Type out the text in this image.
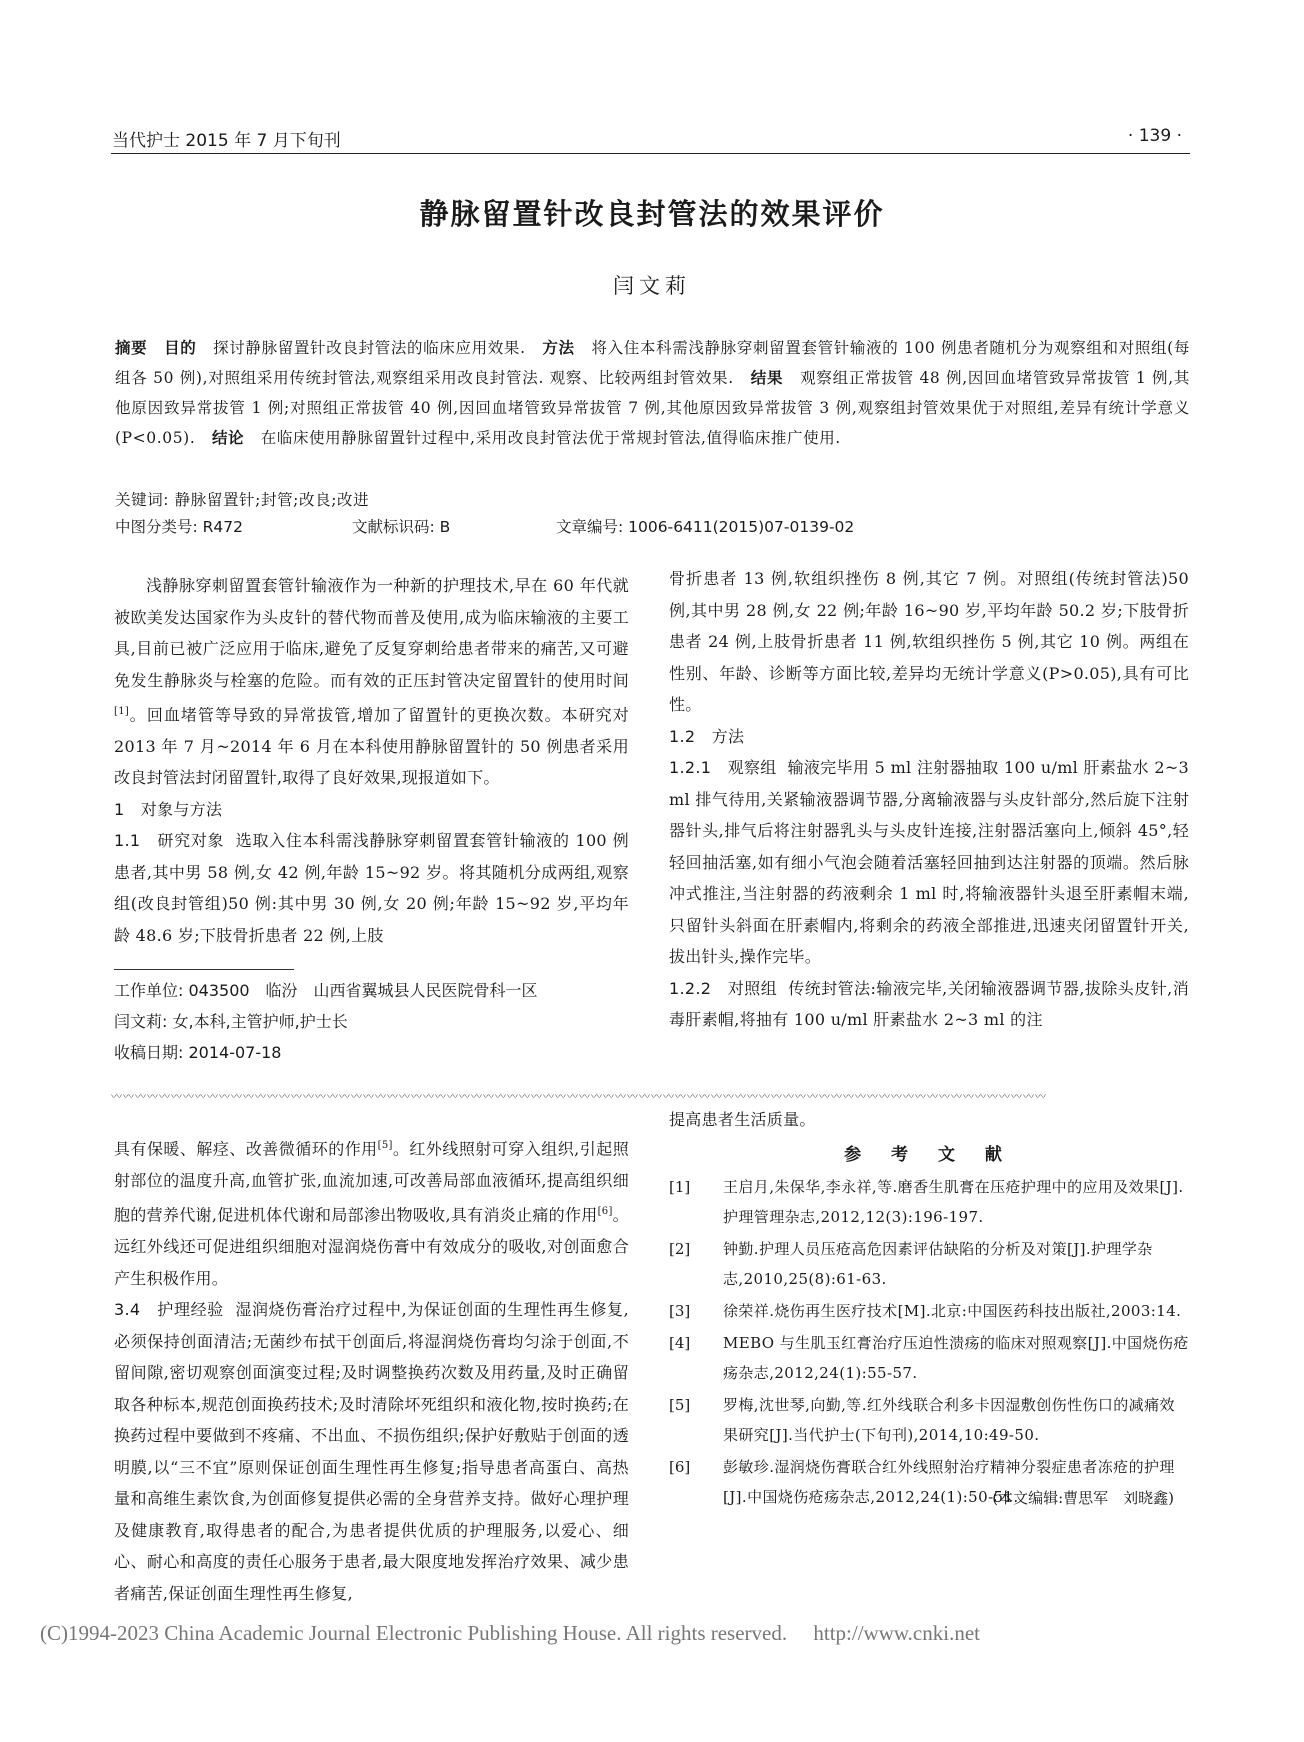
当代护士 2015 年 7 月下旬刊	· 139 ·
静脉留置针改良封管法的效果评价
闫文莉
摘要 目的 探讨静脉留置针改良封管法的临床应用效果. 方法 将入住本科需浅静脉穿刺留置套管针输液的 100 例患者随机分为观察组和对照组(每组各 50 例),对照组采用传统封管法,观察组采用改良封管法. 观察、比较两组封管效果. 结果 观察组正常拔管 48 例,因回血堵管致异常拔管 1 例,其他原因致异常拔管 1 例;对照组正常拔管 40 例,因回血堵管致异常拔管 7 例,其他原因致异常拔管 3 例,观察组封管效果优于对照组,差异有统计学意义(P<0.05). 结论 在临床使用静脉留置针过程中,采用改良封管法优于常规封管法,值得临床推广使用.
关键词: 静脉留置针;封管;改良;改进
中图分类号: R472	文献标识码: B	文章编号: 1006-6411(2015)07-0139-02

浅静脉穿刺留置套管针输液作为一种新的护理技术,早在 60 年代就被欧美发达国家作为头皮针的替代物而普及使用,成为临床输液的主要工具,目前已被广泛应用于临床,避免了反复穿刺给患者带来的痛苦,又可避免发生静脉炎与栓塞的危险。而有效的正压封管决定留置针的使用时间[1]。回血堵管等导致的异常拔管,增加了留置针的更换次数。本研究对 2013 年 7 月~2014 年 6 月在本科使用静脉留置针的 50 例患者采用改良封管法封闭留置针,取得了良好效果,现报道如下。

1　对象与方法

1.1　研究对象 选取入住本科需浅静脉穿刺留置套管针输液的 100 例患者,其中男 58 例,女 42 例,年龄 15~92 岁。将其随机分成两组,观察组(改良封管组)50 例:其中男 30 例,女 20 例;年龄 15~92 岁,平均年龄 48.6 岁;下肢骨折患者 22 例,上肢

工作单位: 043500　临汾　山西省翼城县人民医院骨科一区
闫文莉: 女,本科,主管护师,护士长
收稿日期: 2014-07-18

骨折患者 13 例,软组织挫伤 8 例,其它 7 例。对照组(传统封管法)50 例,其中男 28 例,女 22 例;年龄 16~90 岁,平均年龄 50.2 岁;下肢骨折患者 24 例,上肢骨折患者 11 例,软组织挫伤 5 例,其它 10 例。两组在性别、年龄、诊断等方面比较,差异均无统计学意义(P>0.05),具有可比性。

1.2　方法

1.2.1　观察组 输液完毕用 5 ml 注射器抽取 100 u/ml 肝素盐水 2~3 ml 排气待用,关紧输液器调节器,分离输液器与头皮针部分,然后旋下注射器针头,排气后将注射器乳头与头皮针连接,注射器活塞向上,倾斜 45°,轻轻回抽活塞,如有细小气泡会随着活塞轻回抽到达注射器的顶端。然后脉冲式推注,当注射器的药液剩余 1 ml 时,将输液器针头退至肝素帽末端,只留针头斜面在肝素帽内,将剩余的药液全部推进,迅速夹闭留置针开关,拔出针头,操作完毕。

1.2.2　对照组 传统封管法:输液完毕,关闭输液器调节器,拔除头皮针,消毒肝素帽,将抽有 100 u/ml 肝素盐水 2~3 ml 的注

〰〰〰〰〰〰〰〰〰〰〰〰〰〰〰〰〰〰〰〰〰〰〰〰〰〰〰〰〰〰〰〰〰〰〰〰〰〰〰〰〰〰〰〰〰〰〰〰〰〰〰〰〰〰〰〰〰〰〰〰〰〰〰〰〰〰〰〰〰〰〰〰〰〰〰〰〰〰

具有保暖、解痉、改善微循环的作用[5]。红外线照射可穿入组织,引起照射部位的温度升高,血管扩张,血流加速,可改善局部血液循环,提高组织细胞的营养代谢,促进机体代谢和局部渗出物吸收,具有消炎止痛的作用[6]。远红外线还可促进组织细胞对湿润烧伤膏中有效成分的吸收,对创面愈合产生积极作用。

3.4　护理经验 湿润烧伤膏治疗过程中,为保证创面的生理性再生修复,必须保持创面清洁;无菌纱布拭干创面后,将湿润烧伤膏均匀涂于创面,不留间隙,密切观察创面演变过程;及时调整换药次数及用药量,及时正确留取各种标本,规范创面换药技术;及时清除坏死组织和液化物,按时换药;在换药过程中要做到不疼痛、不出血、不损伤组织;保护好敷贴于创面的透明膜,以“三不宜”原则保证创面生理性再生修复;指导患者高蛋白、高热量和高维生素饮食,为创面修复提供必需的全身营养支持。做好心理护理及健康教育,取得患者的配合,为患者提供优质的护理服务,以爱心、细心、耐心和高度的责任心服务于患者,最大限度地发挥治疗效果、减少患者痛苦,保证创面生理性再生修复,

提高患者生活质量。
参 考 文 献
[1] 王启月,朱保华,李永祥,等.磨香生肌膏在压疮护理中的应用及效果[J].护理管理杂志,2012,12(3):196-197.
[2] 钟勤.护理人员压疮高危因素评估缺陷的分析及对策[J].护理学杂志,2010,25(8):61-63.
[3] 徐荣祥.烧伤再生医疗技术[M].北京:中国医药科技出版社,2003:14.
[4] MEBO 与生肌玉红膏治疗压迫性溃疡的临床对照观察[J].中国烧伤疮疡杂志,2012,24(1):55-57.
[5] 罗梅,沈世琴,向勤,等.红外线联合利多卡因湿敷创伤性伤口的减痛效果研究[J].当代护士(下旬刊),2014,10:49-50.
[6] 彭敏珍.湿润烧伤膏联合红外线照射治疗精神分裂症患者冻疮的护理[J].中国烧伤疮疡杂志,2012,24(1):50-51.
(本文编辑:曹思军　刘晓鑫)
(C)1994-2023 China Academic Journal Electronic Publishing House. All rights reserved.　 http://www.cnki.net
